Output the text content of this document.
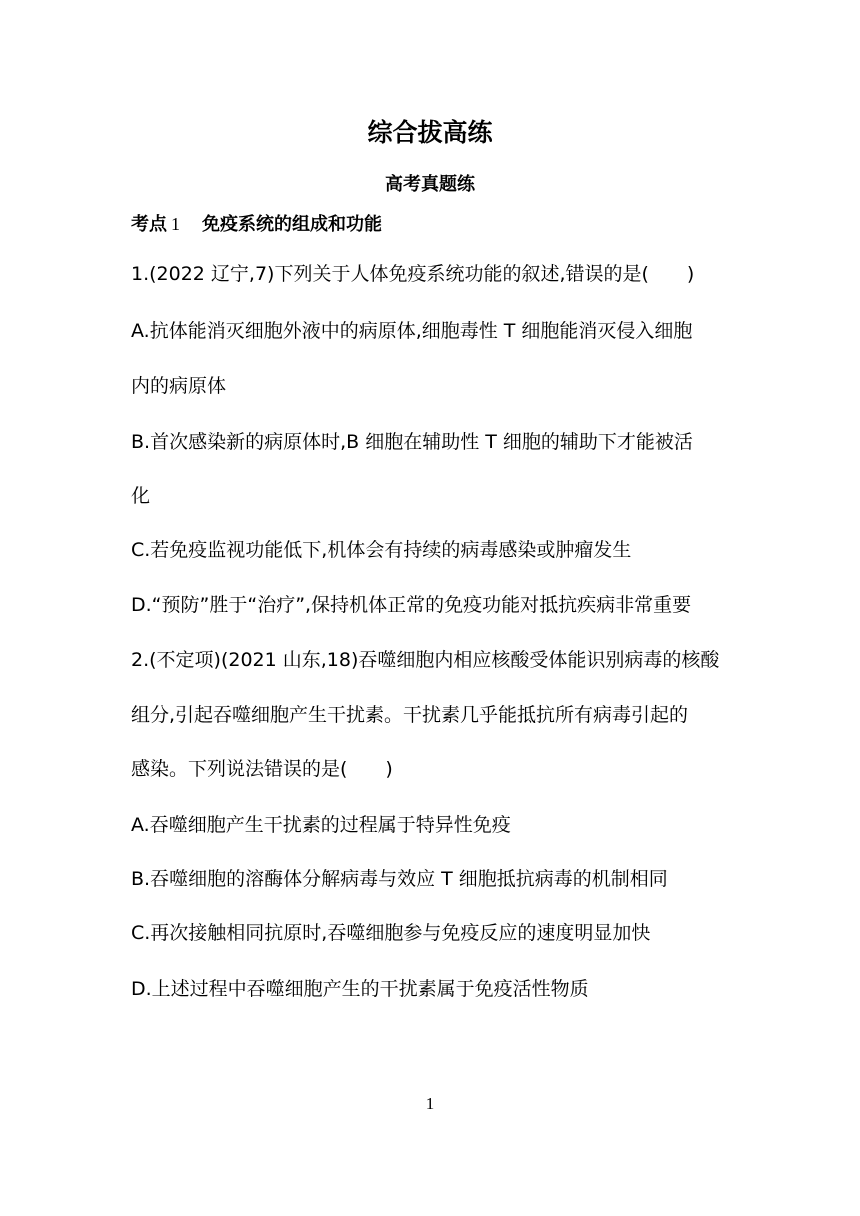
综合拔高练
高考真题练
考点 1 免疫系统的组成和功能
1.(2022 辽宁,7)下列关于人体免疫系统功能的叙述,错误的是(　　)
A.抗体能消灭细胞外液中的病原体,细胞毒性 T 细胞能消灭侵入细胞
内的病原体
B.首次感染新的病原体时,B 细胞在辅助性 T 细胞的辅助下才能被活
化
C.若免疫监视功能低下,机体会有持续的病毒感染或肿瘤发生
D.“预防”胜于“治疗”,保持机体正常的免疫功能对抵抗疾病非常重要
2.(不定项)(2021 山东,18)吞噬细胞内相应核酸受体能识别病毒的核酸
组分,引起吞噬细胞产生干扰素。干扰素几乎能抵抗所有病毒引起的
感染。下列说法错误的是(　　)
A.吞噬细胞产生干扰素的过程属于特异性免疫
B.吞噬细胞的溶酶体分解病毒与效应 T 细胞抵抗病毒的机制相同
C.再次接触相同抗原时,吞噬细胞参与免疫反应的速度明显加快
D.上述过程中吞噬细胞产生的干扰素属于免疫活性物质
1
